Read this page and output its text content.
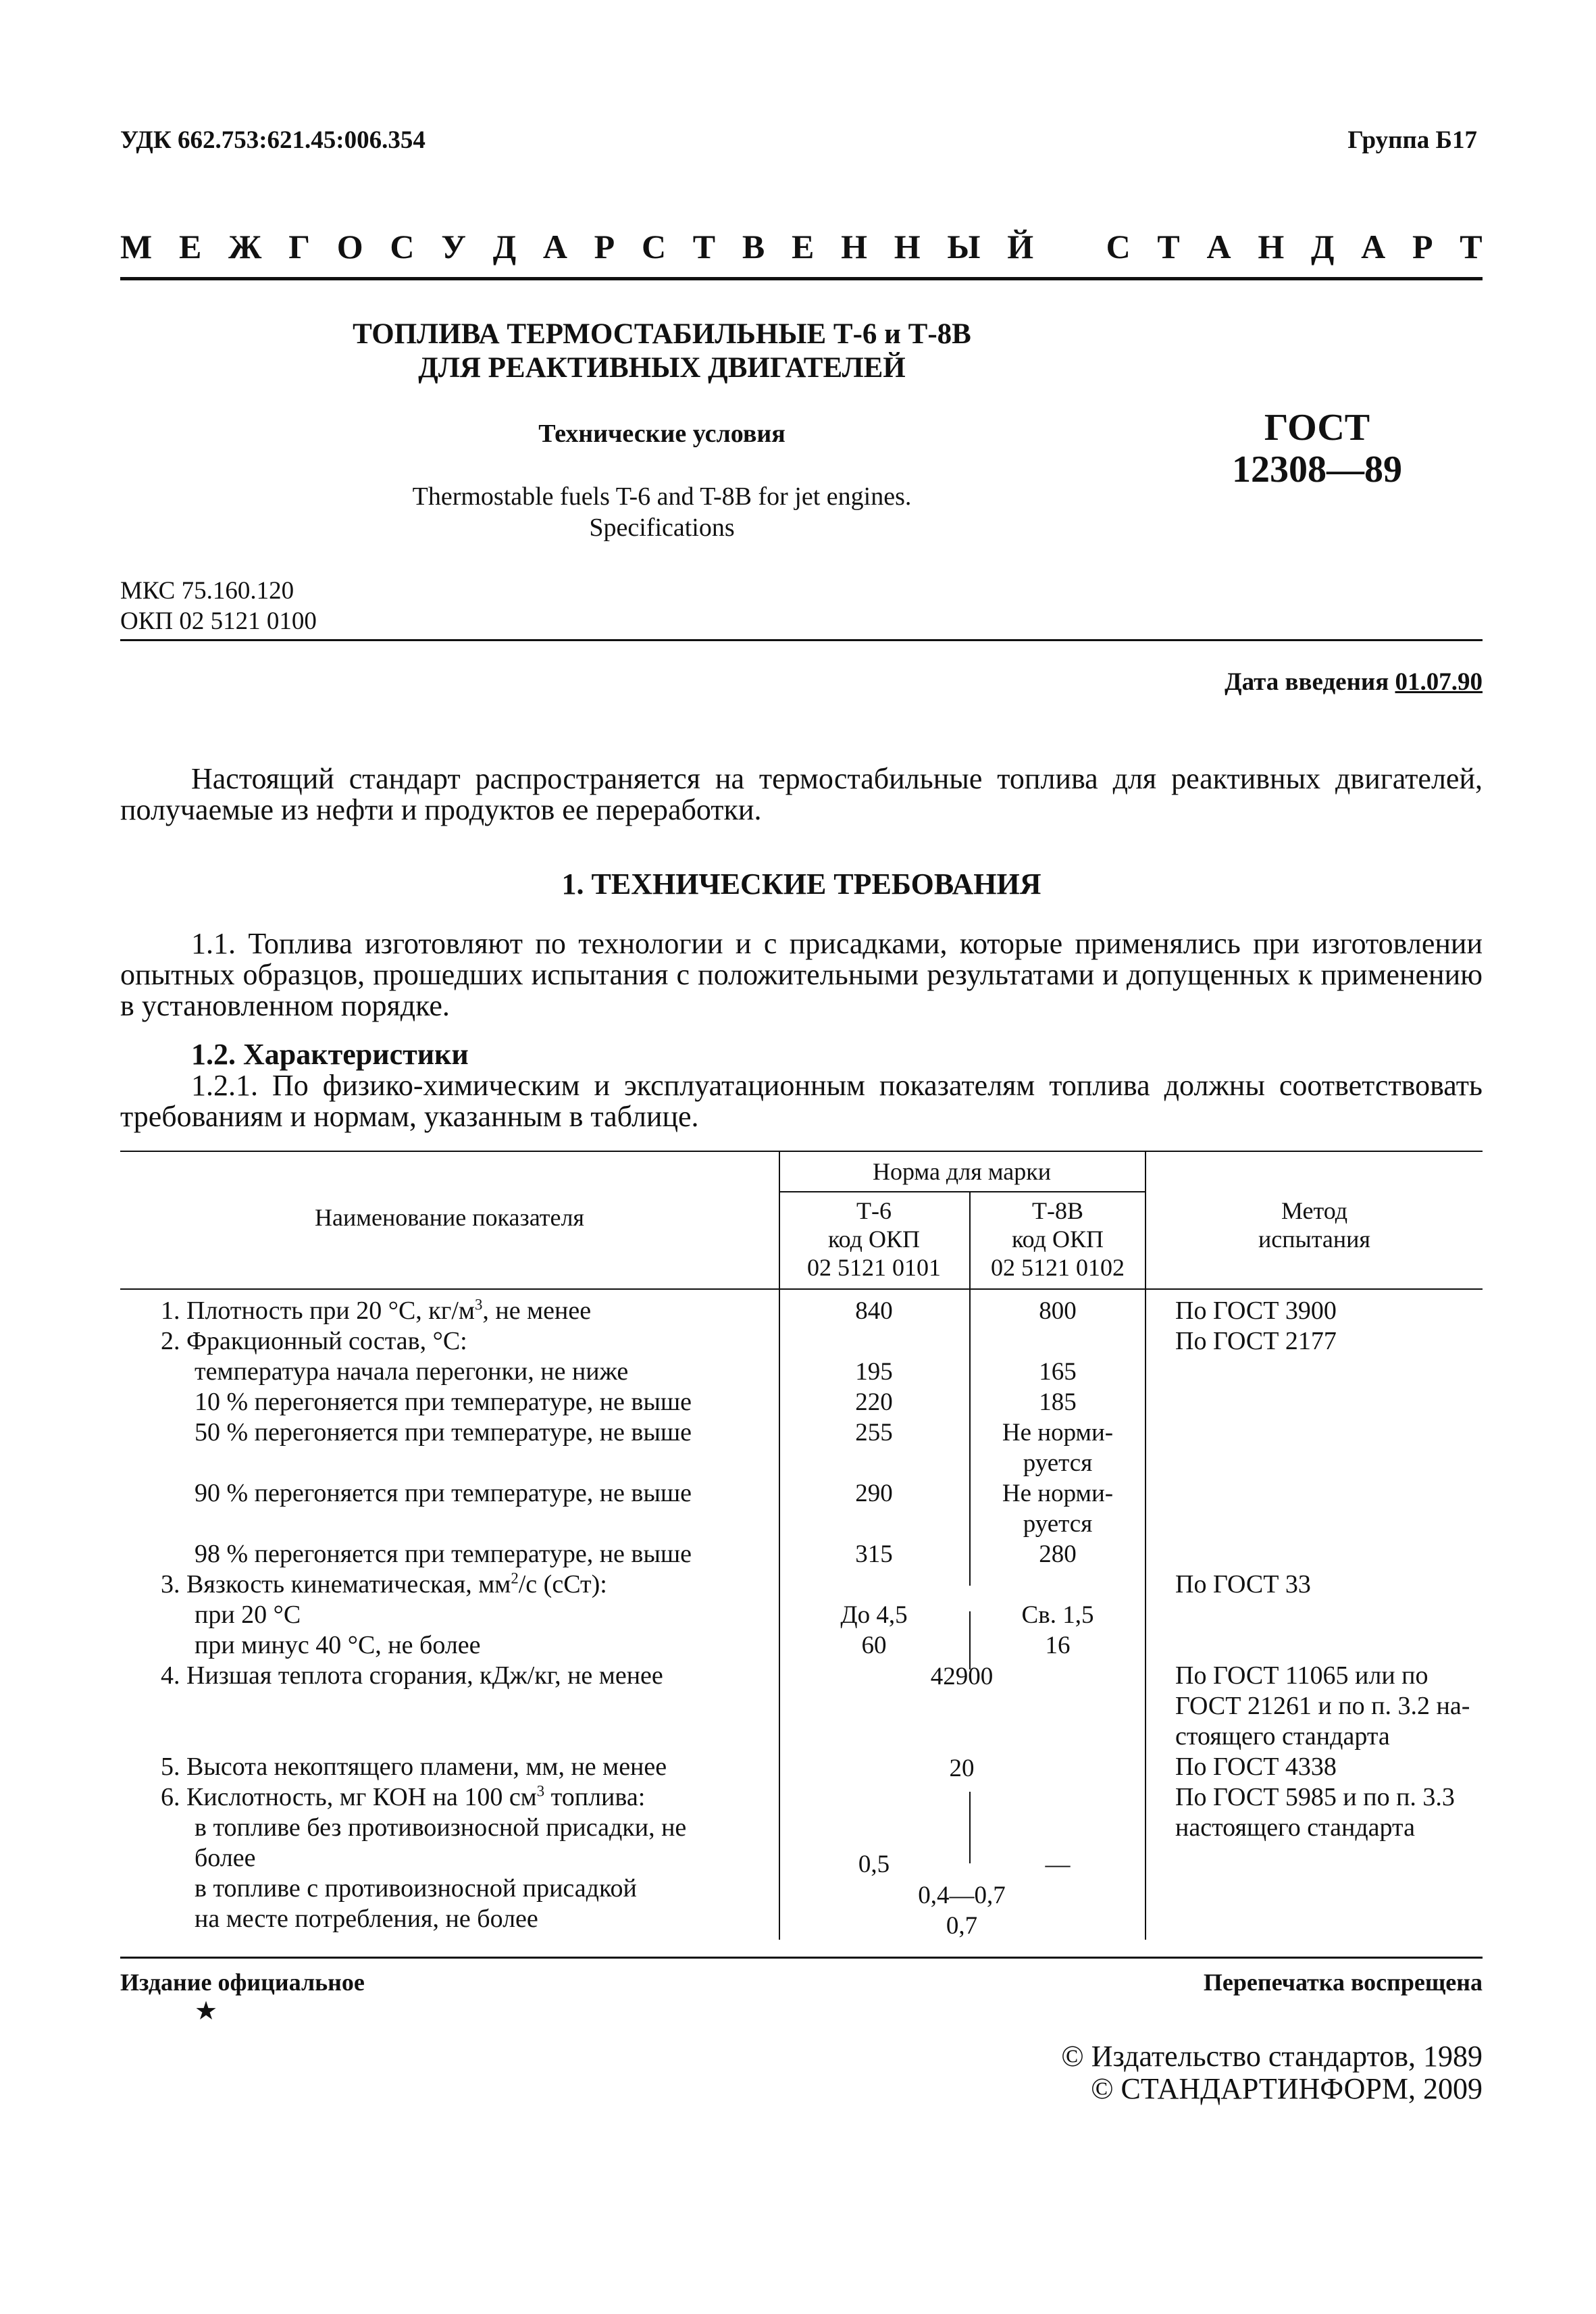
УДК 662.753:621.45:006.354	Группа Б17
М Е Ж Г О С У Д А Р С Т В Е Н Н Ы Й С Т А Н Д А Р Т
ТОПЛИВА ТЕРМОСТАБИЛЬНЫЕ Т-6 и Т-8В
ДЛЯ РЕАКТИВНЫХ ДВИГАТЕЛЕЙ
Технические условия
Thermostable fuels T-6 and T-8B for jet engines.
Specifications
ГОСТ
12308—89
МКС 75.160.120
ОКП 02 5121 0100
Дата введения 01.07.90
Настоящий стандарт распространяется на термостабильные топлива для реактивных двигателей, получаемые из нефти и продуктов ее переработки.
1. ТЕХНИЧЕСКИЕ ТРЕБОВАНИЯ
1.1. Топлива изготовляют по технологии и с присадками, которые применялись при изготовлении опытных образцов, прошедших испытания с положительными результатами и допущенных к применению в установленном порядке.
1.2. Характеристики
1.2.1. По физико-химическим и эксплуатационным показателям топлива должны соответствовать требованиям и нормам, указанным в таблице.
Наименование показателя
Норма для марки
Т-6
код ОКП
02 5121 0101
Т-8В
код ОКП
02 5121 0102
Метод
испытания
1. Плотность при 20 °С, $кг/м^3$, не менее
2. Фракционный состав, °С:
температура начала перегонки, не ниже
10 % перегоняется при температуре, не выше
50 % перегоняется при температуре, не выше
90 % перегоняется при температуре, не выше
98 % перегоняется при температуре, не выше
3. Вязкость кинематическая, $мм^2/с$ (сСт):
при 20 °С
при минус 40 °С, не более
4. Низшая теплота сгорания, кДж/кг, не менее
5. Высота некоптящего пламени, мм, не менее
6. Кислотность, мг КОН на 100 $см^3$ топлива:
в топливе без противоизносной присадки, не
более
в топливе с противоизносной присадкой
на месте потребления, не более
840
195
220
255
290
315
До 4,5
60
0,5
800
165
185
Не норми-
руется
Не норми-
руется
280
Св. 1,5
16
—
42900
20
0,4—0,7
0,7
По ГОСТ 3900
По ГОСТ 2177
По ГОСТ 33
По ГОСТ 11065 или по
ГОСТ 21261 и по п. 3.2 на-
стоящего стандарта
По ГОСТ 4338
По ГОСТ 5985 и по п. 3.3
настоящего стандарта
Издание официальное	Перепечатка воспрещена
★
© Издательство стандартов, 1989
© СТАНДАРТИНФОРМ, 2009
